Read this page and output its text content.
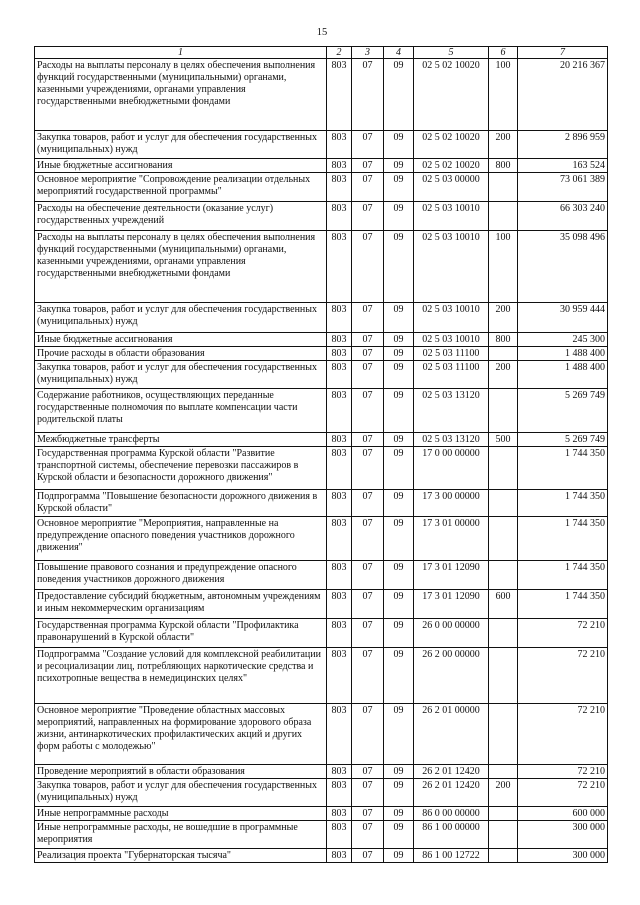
15
1	2	3	4	5	6	7
Расходы на выплаты персоналу в целях обеспечения выполнения функций государственными (муниципальными) органами, казенными учреждениями, органами управления государственными внебюджетными фондами	803	07	09	02 5 02 10020	100	20 216 367
Закупка товаров, работ и услуг для обеспечения государственных (муниципальных) нужд	803	07	09	02 5 02 10020	200	2 896 959
Иные бюджетные ассигнования	803	07	09	02 5 02 10020	800	163 524
Основное мероприятие "Сопровождение реализации отдельных мероприятий государственной программы"	803	07	09	02 5 03 00000		73 061 389
Расходы на обеспечение деятельности (оказание услуг) государственных учреждений	803	07	09	02 5 03 10010		66 303 240
Расходы на выплаты персоналу в целях обеспечения выполнения функций государственными (муниципальными) органами, казенными учреждениями, органами управления государственными внебюджетными фондами	803	07	09	02 5 03 10010	100	35 098 496
Закупка товаров, работ и услуг для обеспечения государственных (муниципальных) нужд	803	07	09	02 5 03 10010	200	30 959 444
Иные бюджетные ассигнования	803	07	09	02 5 03 10010	800	245 300
Прочие расходы в области образования	803	07	09	02 5 03 11100		1 488 400
Закупка товаров, работ и услуг для обеспечения государственных (муниципальных) нужд	803	07	09	02 5 03 11100	200	1 488 400
Содержание работников, осуществляющих переданные государственные полномочия по выплате компенсации части родительской платы	803	07	09	02 5 03 13120		5 269 749
Межбюджетные трансферты	803	07	09	02 5 03 13120	500	5 269 749
Государственная программа Курской области "Развитие транспортной системы, обеспечение перевозки пассажиров в Курской области и безопасности дорожного движения"	803	07	09	17 0 00 00000		1 744 350
Подпрограмма "Повышение безопасности дорожного движения в Курской области"	803	07	09	17 3 00 00000		1 744 350
Основное мероприятие "Мероприятия, направленные на предупреждение опасного поведения участников дорожного движения"	803	07	09	17 3 01 00000		1 744 350
Повышение правового сознания и предупреждение опасного поведения участников дорожного движения	803	07	09	17 3 01 12090		1 744 350
Предоставление субсидий бюджетным, автономным учреждениям и иным некоммерческим организациям	803	07	09	17 3 01 12090	600	1 744 350
Государственная программа Курской области "Профилактика правонарушений в Курской области"	803	07	09	26 0 00 00000		72 210
Подпрограмма "Создание условий для комплексной реабилитации и ресоциализации лиц, потребляющих наркотические средства и психотропные вещества в немедицинских целях"	803	07	09	26 2 00 00000		72 210
Основное мероприятие "Проведение областных массовых мероприятий, направленных на формирование здорового образа жизни, антинаркотических профилактических акций и других форм работы с молодежью"	803	07	09	26 2 01 00000		72 210
Проведение мероприятий в области образования	803	07	09	26 2 01 12420		72 210
Закупка товаров, работ и услуг для обеспечения государственных (муниципальных) нужд	803	07	09	26 2 01 12420	200	72 210
Иные непрограммные расходы	803	07	09	86 0 00 00000		600 000
Иные непрограммные расходы, не вошедшие в программные мероприятия	803	07	09	86 1 00 00000		300 000
Реализация проекта "Губернаторская тысяча"	803	07	09	86 1 00 12722		300 000
